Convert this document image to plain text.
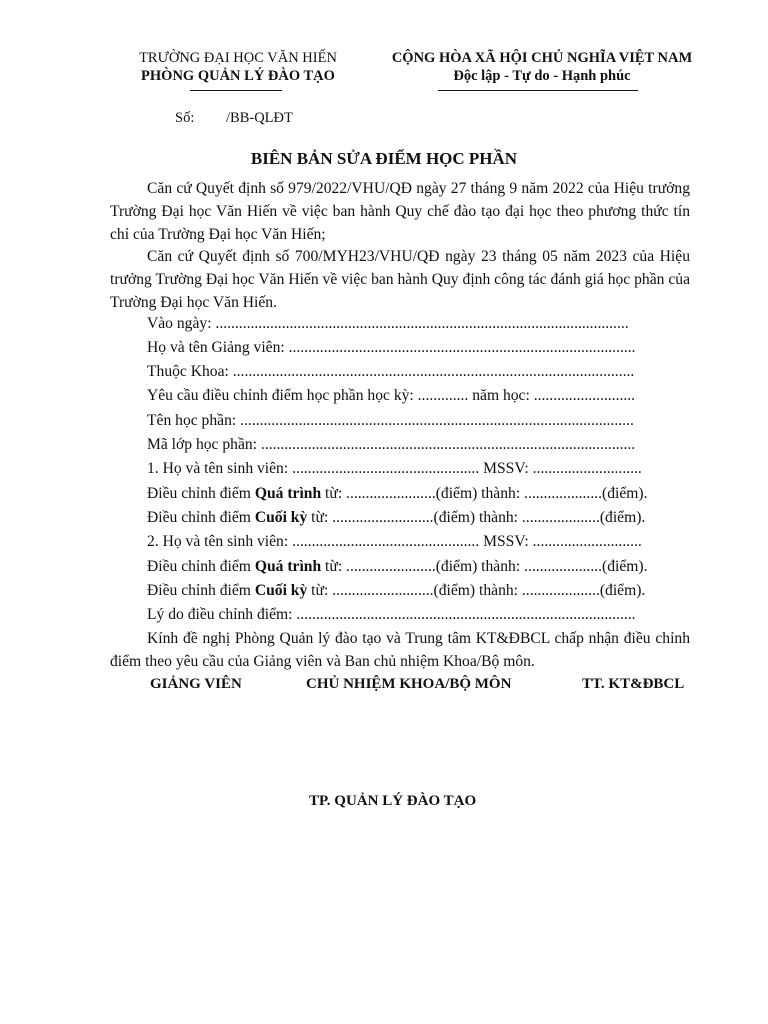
TRƯỜNG ĐẠI HỌC VĂN HIẾN
PHÒNG QUẢN LÝ ĐÀO TẠO
CỘNG HÒA XÃ HỘI CHỦ NGHĨA VIỆT NAM
Độc lập - Tự do - Hạnh phúc
Số: /BB-QLĐT
BIÊN BẢN SỬA ĐIỂM HỌC PHẦN
Căn cứ Quyết định số 979/2022/VHU/QĐ ngày 27 tháng 9 năm 2022 của Hiệu trưởng Trường Đại học Văn Hiến về việc ban hành Quy chế đào tạo đại học theo phương thức tín chỉ của Trường Đại học Văn Hiến;
Căn cứ Quyết định số 700/MYH23/VHU/QĐ ngày 23 tháng 05 năm 2023 của Hiệu trưởng Trường Đại học Văn Hiến về việc ban hành Quy định công tác đánh giá học phần của Trường Đại học Văn Hiến.
Vào ngày: ..........................................................................................................
Họ và tên Giảng viên: .........................................................................................
Thuộc Khoa: .......................................................................................................
Yêu cầu điều chỉnh điểm học phần học kỳ: ............. năm học: ..........................
Tên học phần: .....................................................................................................
Mã lớp học phần: ................................................................................................
1. Họ và tên sinh viên: ................................................ MSSV: ............................
Điều chỉnh điểm Quá trình từ: .......................(điểm) thành: ....................(điểm).
Điều chỉnh điểm Cuối kỳ từ: ..........................(điểm) thành: ....................(điểm).
2. Họ và tên sinh viên: ................................................ MSSV: ............................
Điều chỉnh điểm Quá trình từ: .......................(điểm) thành: ....................(điểm).
Điều chỉnh điểm Cuối kỳ từ: ..........................(điểm) thành: ....................(điểm).
Lý do điều chỉnh điểm: .......................................................................................
Kính đề nghị Phòng Quản lý đào tạo và Trung tâm KT&ĐBCL chấp nhận điều chỉnh điểm theo yêu cầu của Giảng viên và Ban chủ nhiệm Khoa/Bộ môn.
GIẢNG VIÊN	CHỦ NHIỆM KHOA/BỘ MÔN	TT. KT&ĐBCL
TP. QUẢN LÝ ĐÀO TẠO
